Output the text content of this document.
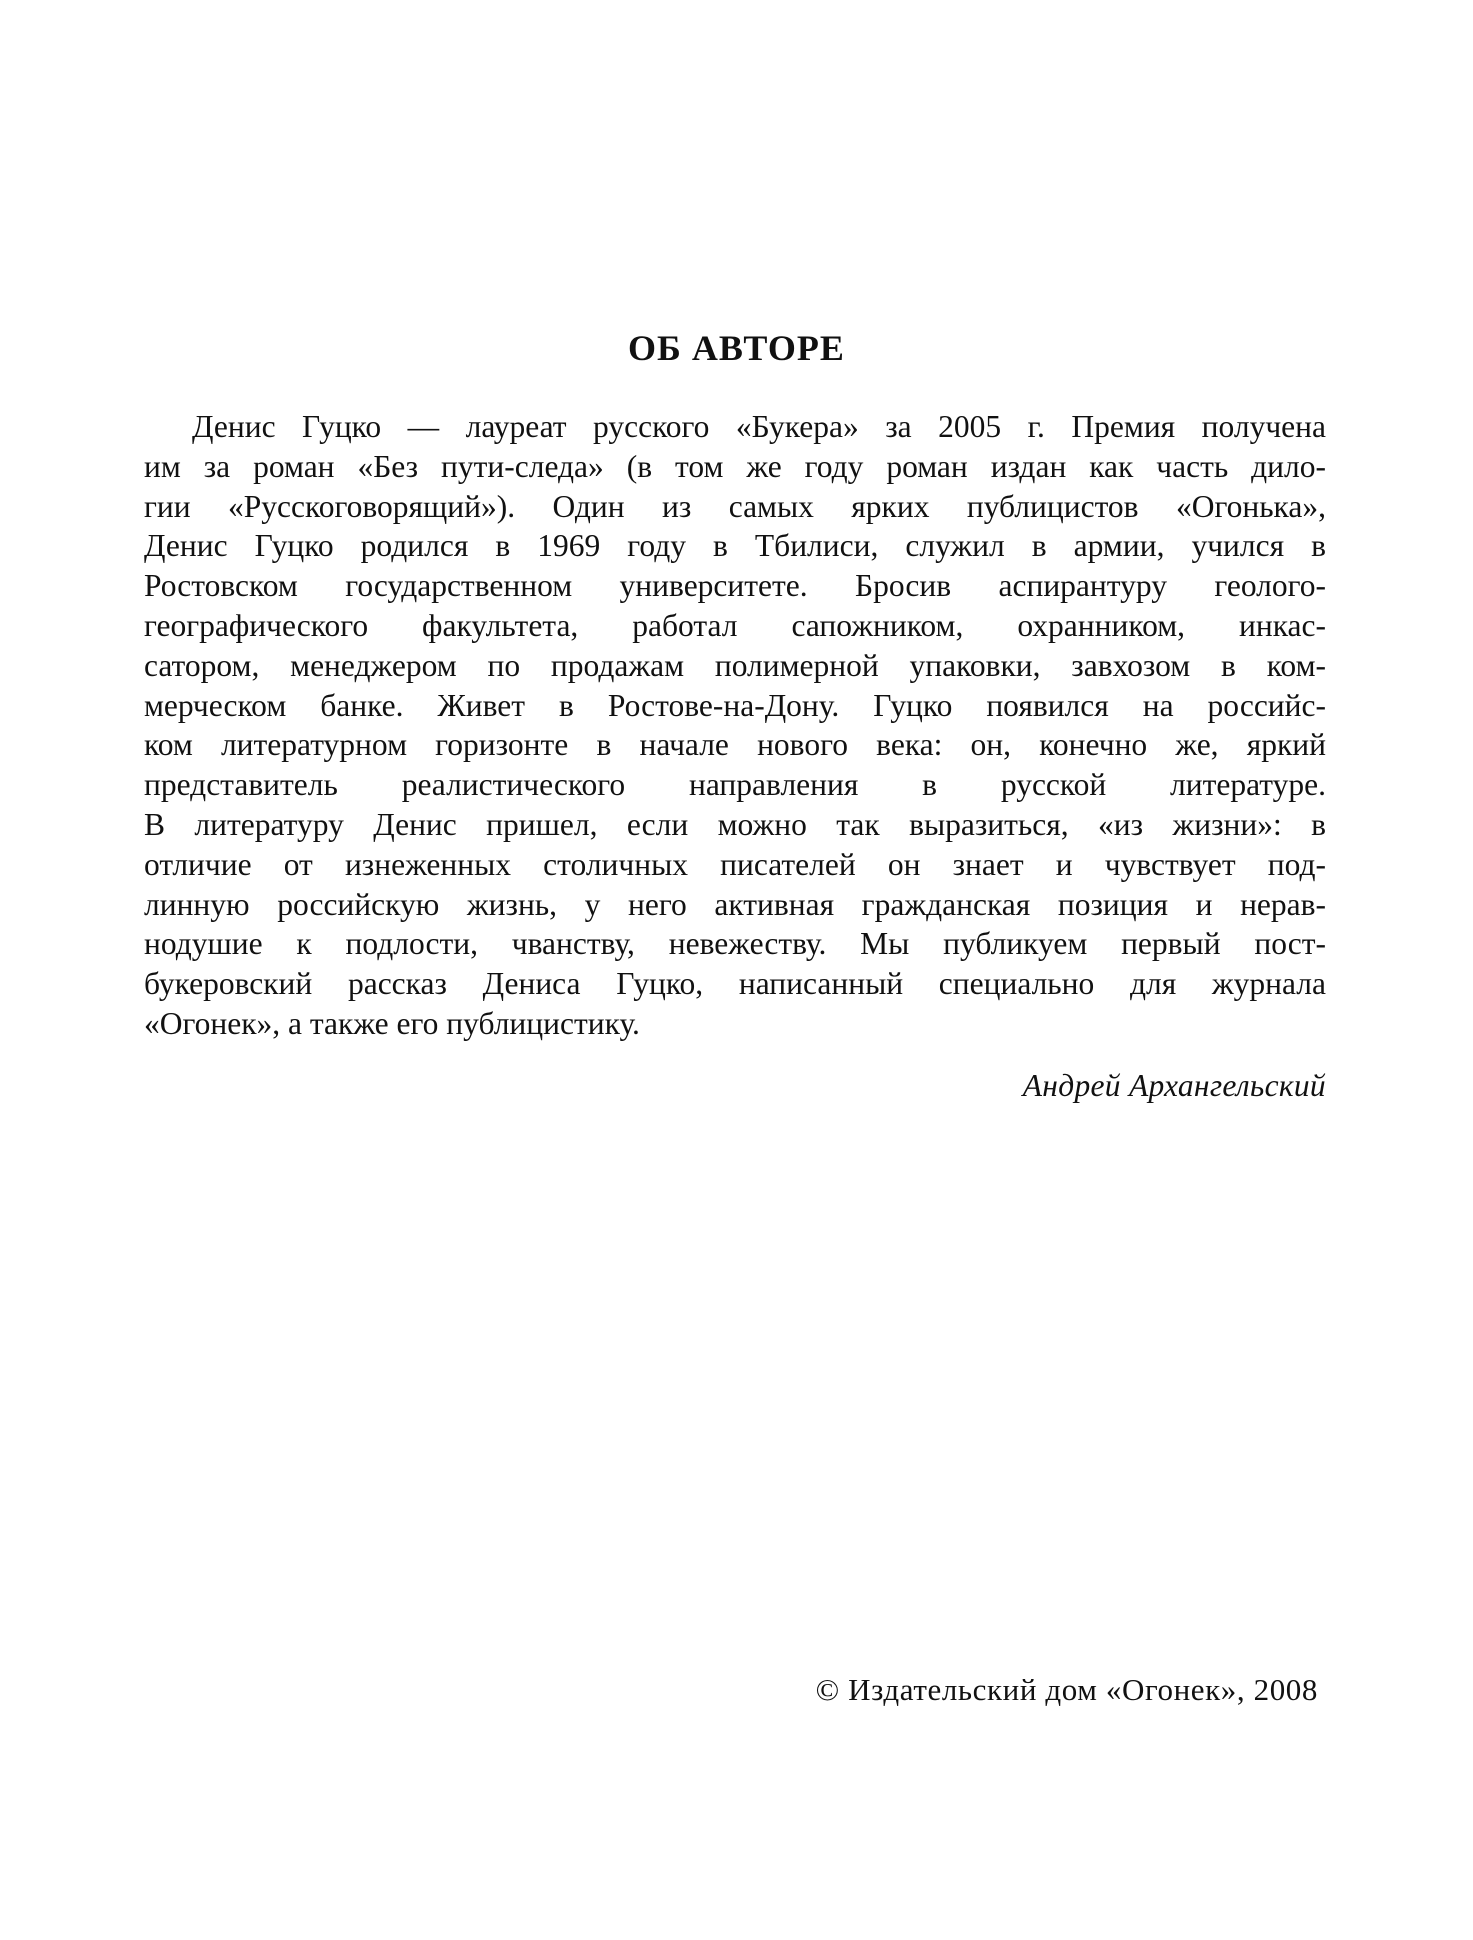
ОБ АВТОРЕ
Денис Гуцко — лауреат русского «Букера» за 2005 г. Премия получена
им за роман «Без пути-следа» (в том же году роман издан как часть дило-
гии «Русскоговорящий»). Один из самых ярких публицистов «Огонька»,
Денис Гуцко родился в 1969 году в Тбилиси, служил в армии, учился в
Ростовском государственном университете. Бросив аспирантуру геолого-
географического факультета, работал сапожником, охранником, инкас-
сатором, менеджером по продажам полимерной упаковки, завхозом в ком-
мерческом банке. Живет в Ростове-на-Дону. Гуцко появился на российс-
ком литературном горизонте в начале нового века: он, конечно же, яркий
представитель реалистического направления в русской литературе.
В литературу Денис пришел, если можно так выразиться, «из жизни»: в
отличие от изнеженных столичных писателей он знает и чувствует под-
линную российскую жизнь, у него активная гражданская позиция и нерав-
нодушие к подлости, чванству, невежеству. Мы публикуем первый пост-
букеровский рассказ Дениса Гуцко, написанный специально для журнала
«Огонек», а также его публицистику.

Андрей Архангельский

© Издательский дом «Огонек», 2008
